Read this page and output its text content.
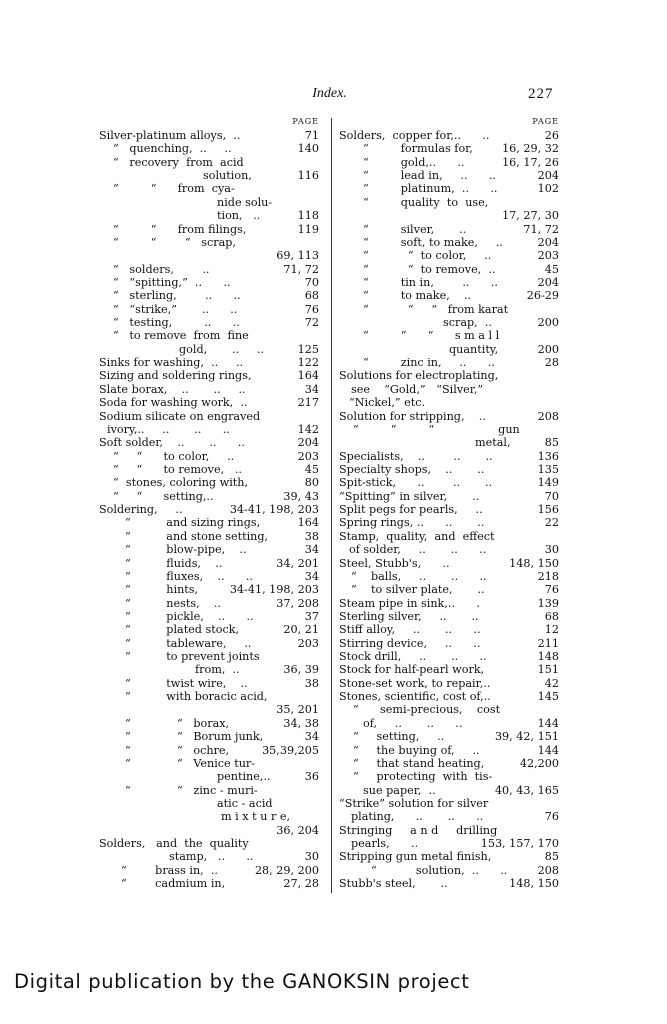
Index.	227
PAGE
Silver-platinum alloys,  ..	71
“   quenching,  ..     ..	140
“   recovery  from  acid
solution,	116
“         “      from  cya-
nide solu-
tion,   ..	118
“         “      from filings,	119
“         “        “   scrap,
69, 113
“   solders,        ..	71, 72
“   “spitting,”  ..      ..	70
“   sterling,        ..      ..	68
“   “strike,”       ..      ..	76
“   testing,         ..      ..	72
“   to remove  from  fine
gold,       ..     ..	125
Sinks for washing,  ..     ..	122
Sizing and soldering rings,	164
Slate borax,    ..       ..     ..	34
Soda for washing work,  ..	217
Sodium silicate on engraved
ivory,..     ..       ..      ..	142
Soft solder,    ..       ..      ..	204
“     “      to color,     ..	203
“     “      to remove,   ..	45
“  stones, coloring with,	80
“     “      setting,..	39, 43
Soldering,     ..	34-41, 198, 203
“          and sizing rings,	164
“          and stone setting,	38
“          blow-pipe,    ..	34
“          fluids,    ..	34, 201
“          fluxes,    ..      ..	34
“          hints,	34-41, 198, 203
“          nests,    ..	37, 208
“          pickle,    ..      ..	37
“          plated stock,	20, 21
“          tableware,     ..	203
“          to prevent joints
from,  ..	36, 39
“          twist wire,    ..	38
“          with boracic acid,
35, 201
“             “   borax,	34, 38
“             “   Borum junk,	34
“             “   ochre,	35,39,205
“             “   Venice tur-
pentine,..	36
“             “   zinc - muri-
atic - acid
m i x t u r e,
36, 204
Solders,   and  the  quality
stamp,   ..      ..	30
“        brass in,  ..	28, 29, 200
“        cadmium in,	27, 28
PAGE
Solders,  copper for,..      ..	26
“         formulas for,	16, 29, 32
“         gold,..      ..	16, 17, 26
“         lead in,     ..      ..	204
“         platinum,  ..      ..	102
“         quality  to  use,
17, 27, 30
“         silver,       ..	71, 72
“         soft, to make,     ..	204
“           “  to color,     ..	203
“           “  to remove,  ..	45
“         tin in,        ..      ..	204
“         to make,    ..	26-29
“           “     “   from karat
scrap,  ..	200
“         “      “      s m a l l
quantity,	200
“         zinc in,     ..      ..	28
Solutions for electroplating,
see    “Gold,”   “Silver,”
“Nickel,” etc.
Solution for stripping,    ..	208
“         “         “                  gun
metal,	85
Specialists,    ..        ..       ..	136
Specialty shops,    ..       ..	135
Spit-stick,      ..        ..       ..	149
“Spitting” in silver,       ..	70
Split pegs for pearls,     ..	156
Spring rings, ..      ..       ..	22
Stamp,  quality,  and  effect
of solder,     ..       ..      ..	30
Steel, Stubb's,      ..	148, 150
“    balls,     ..       ..      ..	218
“    to silver plate,       ..	76
Steam pipe in sink,..      .	139
Sterling silver,     ..       ..	68
Stiff alloy,     ..       ..      ..	12
Stirring device,     ..      ..	211
Stock drill,     ..       ..      ..	148
Stock for half-pearl work,	151
Stone-set work, to repair,..	42
Stones, scientific, cost of,..	145
“      semi-precious,    cost
of,     ..       ..      ..	144
“     setting,     ..	39, 42, 151
“     the buying of,     ..	144
“     that stand heating,	42,200
“     protecting  with  tis-
sue paper,  ..	40, 43, 165
“Strike” solution for silver
plating,      ..       ..      ..	76
Stringing     a n d     drilling
pearls,      ..	153, 157, 170
Stripping gun metal finish,	85
“           solution,  ..      ..	208
Stubb's steel,       ..	148, 150
Digital publication by the GANOKSIN project
